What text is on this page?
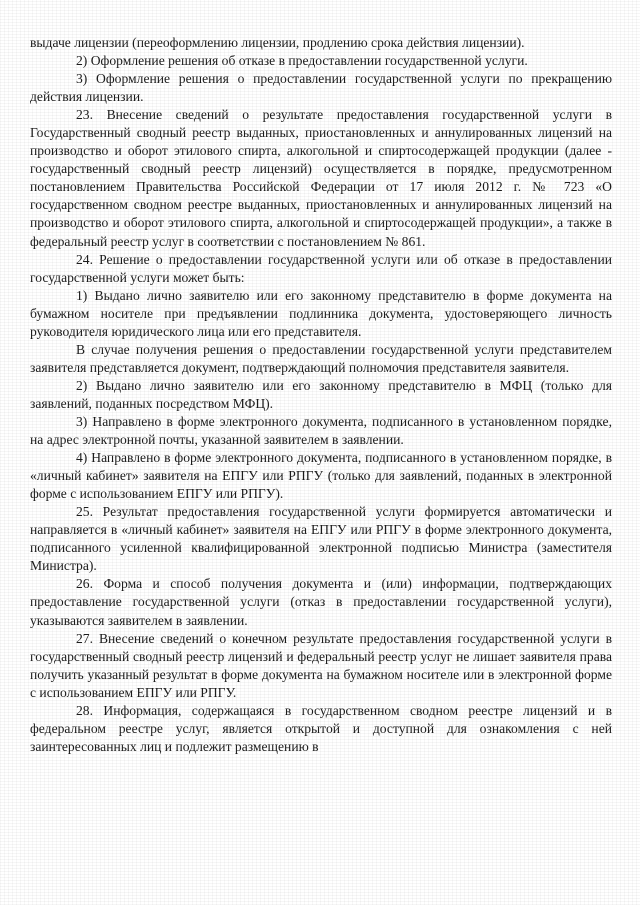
выдаче лицензии (переоформлению лицензии, продлению срока действия лицензии).

2) Оформление решения об отказе в предоставлении государственной услуги.

3) Оформление решения о предоставлении государственной услуги по прекращению действия лицензии.

23. Внесение сведений о результате предоставления государственной услуги в Государственный сводный реестр выданных, приостановленных и аннулированных лицензий на производство и оборот этилового спирта, алкогольной и спиртосодержащей продукции (далее - государственный сводный реестр лицензий) осуществляется в порядке, предусмотренном постановлением Правительства Российской Федерации от 17 июля 2012 г. № 723 «О государственном сводном реестре выданных, приостановленных и аннулированных лицензий на производство и оборот этилового спирта, алкогольной и спиртосодержащей продукции», а также в федеральный реестр услуг в соответствии с постановлением № 861.

24. Решение о предоставлении государственной услуги или об отказе в предоставлении государственной услуги может быть:

1) Выдано лично заявителю или его законному представителю в форме документа на бумажном носителе при предъявлении подлинника документа, удостоверяющего личность руководителя юридического лица или его представителя.

В случае получения решения о предоставлении государственной услуги представителем заявителя представляется документ, подтверждающий полномочия представителя заявителя.

2) Выдано лично заявителю или его законному представителю в МФЦ (только для заявлений, поданных посредством МФЦ).

3) Направлено в форме электронного документа, подписанного в установленном порядке, на адрес электронной почты, указанной заявителем в заявлении.

4) Направлено в форме электронного документа, подписанного в установленном порядке, в «личный кабинет» заявителя на ЕПГУ или РПГУ (только для заявлений, поданных в электронной форме с использованием ЕПГУ или РПГУ).

25. Результат предоставления государственной услуги формируется автоматически и направляется в «личный кабинет» заявителя на ЕПГУ или РПГУ в форме электронного документа, подписанного усиленной квалифицированной электронной подписью Министра (заместителя Министра).

26. Форма и способ получения документа и (или) информации, подтверждающих предоставление государственной услуги (отказ в предоставлении государственной услуги), указываются заявителем в заявлении.

27. Внесение сведений о конечном результате предоставления государственной услуги в государственный сводный реестр лицензий и федеральный реестр услуг не лишает заявителя права получить указанный результат в форме документа на бумажном носителе или в электронной форме с использованием ЕПГУ или РПГУ.

28. Информация, содержащаяся в государственном сводном реестре лицензий и в федеральном реестре услуг, является открытой и доступной для ознакомления с ней заинтересованных лиц и подлежит размещению в
